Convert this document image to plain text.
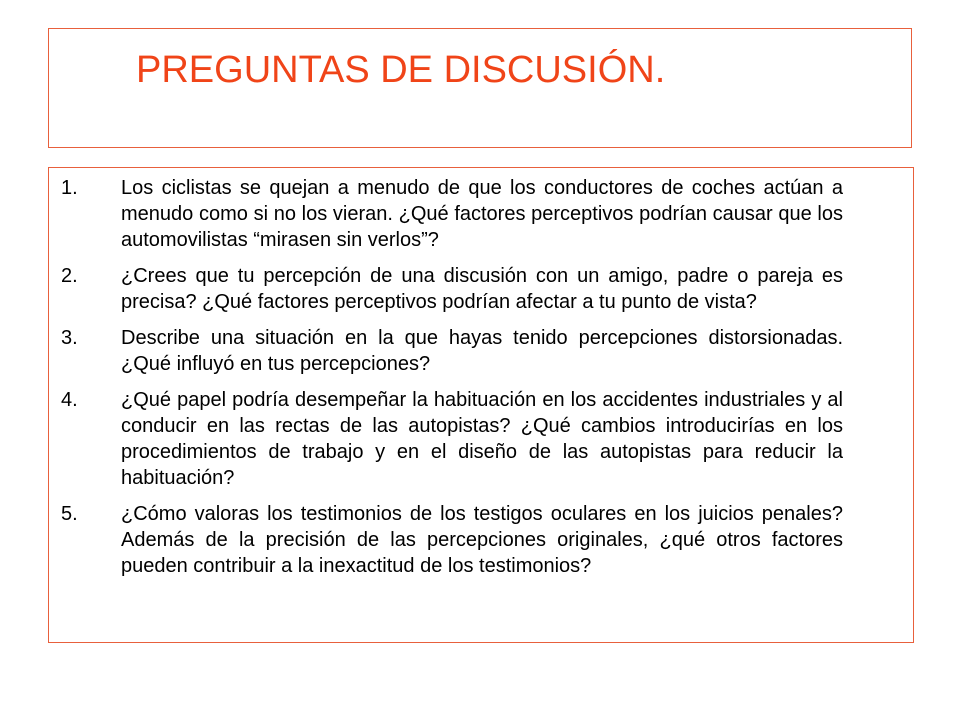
PREGUNTAS DE DISCUSIÓN.
1.	Los ciclistas se quejan a menudo de que los conductores de coches actúan a menudo como si no los vieran. ¿Qué factores perceptivos podrían causar que los automovilistas “mirasen sin verlos”?
2.	¿Crees que tu percepción de una discusión con un amigo, padre o pareja es precisa? ¿Qué factores perceptivos podrían afectar a tu punto de vista?
3.	Describe una situación en la que hayas tenido percepciones distorsionadas. ¿Qué influyó en tus percepciones?
4.	¿Qué papel podría desempeñar la habituación en los accidentes industriales y al conducir en las rectas de las autopistas? ¿Qué cambios introducirías en los procedimientos de trabajo y en el diseño de las autopistas para reducir la habituación?
5.	¿Cómo valoras los testimonios de los testigos oculares en los juicios penales? Además de la precisión de las percepciones originales, ¿qué otros factores pueden contribuir a la inexactitud de los testimonios?
